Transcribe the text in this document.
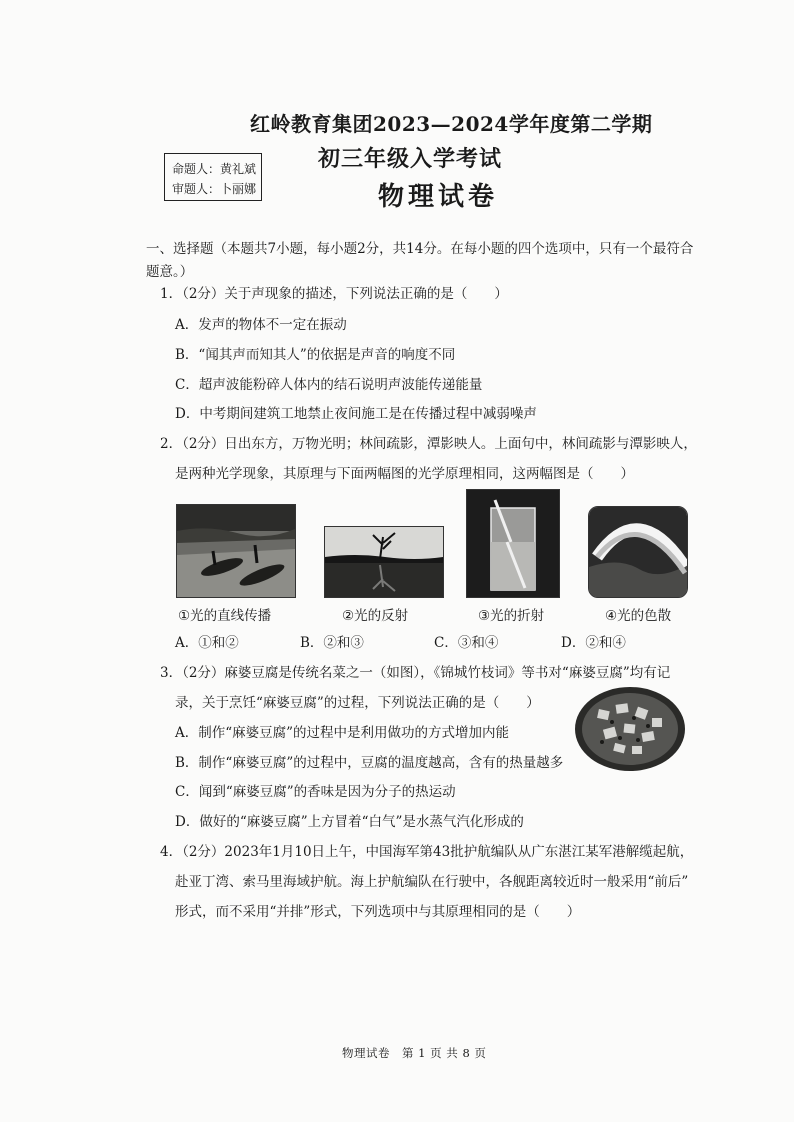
红岭教育集团2023—2024学年度第二学期
初三年级入学考试
物理试卷
命题人：黄礼斌
审题人：卜丽娜
一、选择题（本题共7小题，每小题2分，共14分。在每小题的四个选项中，只有一个最符合题意。）
1．（2分）关于声现象的描述，下列说法正确的是（　　）
A．发声的物体不一定在振动
B．“闻其声而知其人”的依据是声音的响度不同
C．超声波能粉碎人体内的结石说明声波能传递能量
D．中考期间建筑工地禁止夜间施工是在传播过程中减弱噪声
2．（2分）日出东方，万物光明；林间疏影，潭影映人。上面句中，林间疏影与潭影映人，
是两种光学现象，其原理与下面两幅图的光学原理相同，这两幅图是（　　）
①光的直线传播	②光的反射	③光的折射	④光的色散
A．①和②	B．②和③	C．③和④	D．②和④
3．（2分）麻婆豆腐是传统名菜之一（如图），《锦城竹枝词》等书对“麻婆豆腐”均有记
录，关于烹饪“麻婆豆腐”的过程，下列说法正确的是（　　）
A．制作“麻婆豆腐”的过程中是利用做功的方式增加内能
B．制作“麻婆豆腐”的过程中，豆腐的温度越高，含有的热量越多
C．闻到“麻婆豆腐”的香味是因为分子的热运动
D．做好的“麻婆豆腐”上方冒着“白气”是水蒸气汽化形成的
4．（2分）2023年1月10日上午，中国海军第43批护航编队从广东湛江某军港解缆起航，
赴亚丁湾、索马里海域护航。海上护航编队在行驶中，各舰距离较近时一般采用“前后”
形式，而不采用“并排”形式，下列选项中与其原理相同的是（　　）
物理试卷　第 1 页 共 8 页
